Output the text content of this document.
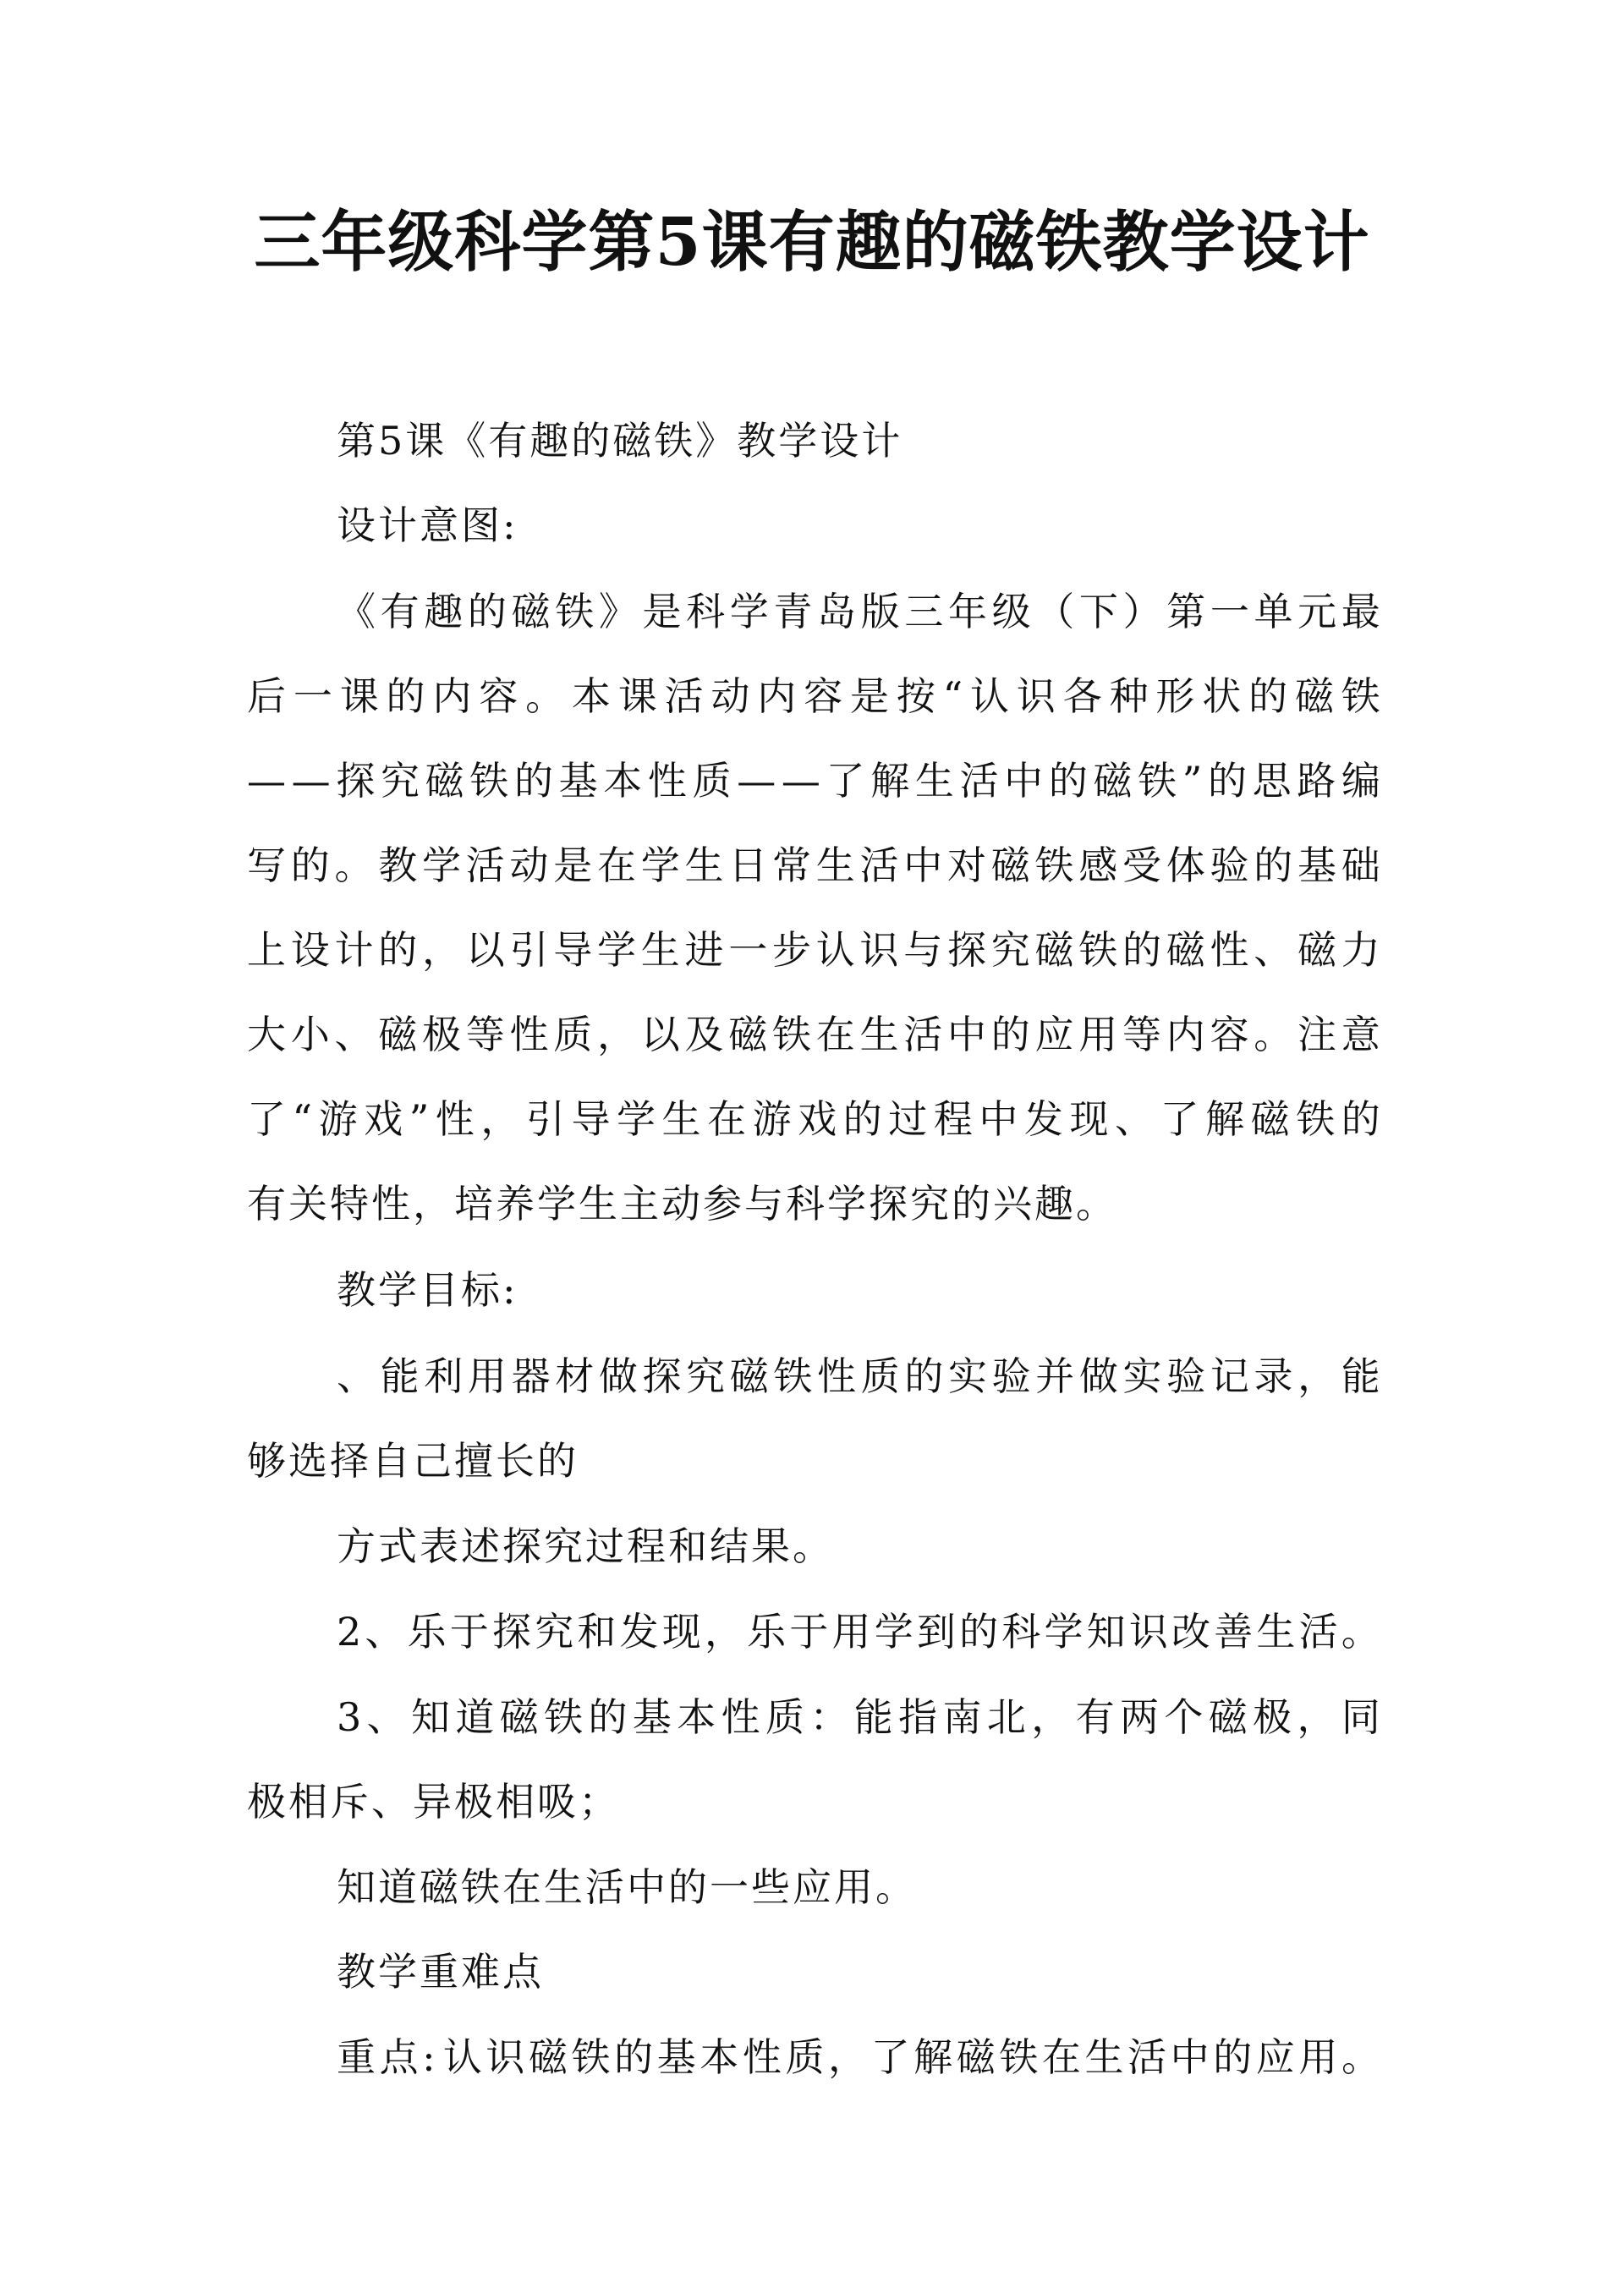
三年级科学第5课有趣的磁铁教学设计
第5课《有趣的磁铁》教学设计
设计意图:
《 有 趣 的 磁 铁 》 是 科 学 青 岛 版 三 年 级 （ 下 ） 第 一 单 元 最
后 一 课 的 内 容 。 本 课 活 动 内 容 是 按 “ 认 识 各 种 形 状 的 磁 铁
— — 探 究 磁 铁 的 基 本 性 质 — — 了 解 生 活 中 的 磁 铁 ” 的 思 路 编
写 的 。 教 学 活 动 是 在 学 生 日 常 生 活 中 对 磁 铁 感 受 体 验 的 基 础
上 设 计 的 ， 以 引 导 学 生 进 一 步 认 识 与 探 究 磁 铁 的 磁 性 、 磁 力
大 小 、 磁 极 等 性 质 ， 以 及 磁 铁 在 生 活 中 的 应 用 等 内 容 。 注 意
了 “ 游 戏 ” 性 ， 引 导 学 生 在 游 戏 的 过 程 中 发 现 、 了 解 磁 铁 的
有关特性，培养学生主动参与科学探究的兴趣。
教学目标:
、 能 利 用 器 材 做 探 究 磁 铁 性 质 的 实 验 并 做 实 验 记 录 ， 能
够选择自己擅长的
方式表述探究过程和结果。
2 、 乐 于 探 究 和 发 现 ， 乐 于 用 学 到 的 科 学 知 识 改 善 生 活 。
3 、 知 道 磁 铁 的 基 本 性 质 ： 能 指 南 北 ， 有 两 个 磁 极 ， 同
极相斥、异极相吸；
知道磁铁在生活中的一些应用。
教学重难点
重 点 : 认 识 磁 铁 的 基 本 性 质 ， 了 解 磁 铁 在 生 活 中 的 应 用 。
